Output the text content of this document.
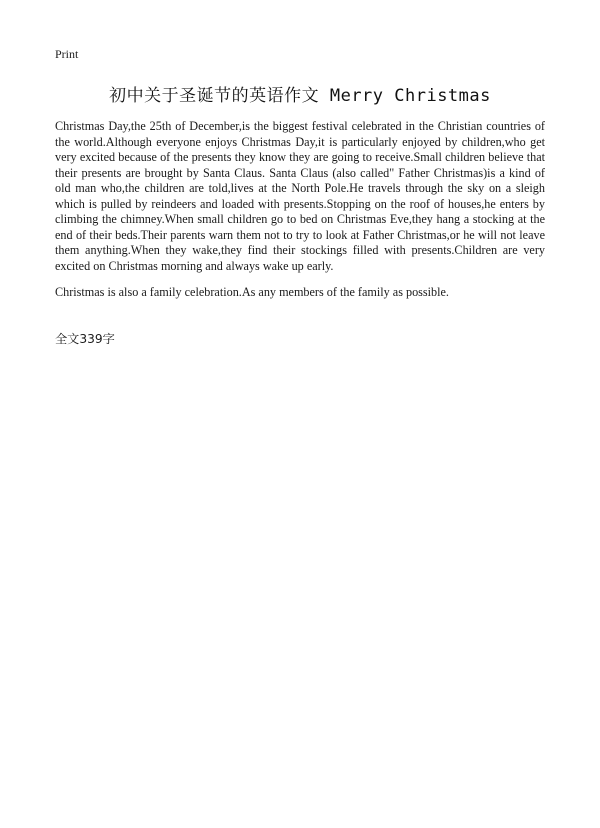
Print
初中关于圣诞节的英语作文 Merry Christmas

Christmas Day,the 25th of December,is the biggest festival celebrated in the Christian countries of the world.Although everyone enjoys Christmas Day,it is particularly enjoyed by children,who get very excited because of the presents they know they are going to receive.Small children believe that their presents are brought by Santa Claus. Santa Claus (also called" Father Christmas)is a kind of old man who,the children are told,lives at the North Pole.He travels through the sky on a sleigh which is pulled by reindeers and loaded with presents.Stopping on the roof of houses,he enters by climbing the chimney.When small children go to bed on Christmas Eve,they hang a stocking at the end of their beds.Their parents warn them not to try to look at Father Christmas,or he will not leave them anything.When they wake,they find their stockings filled with presents.Children are very excited on Christmas morning and always wake up early.

Christmas is also a family celebration.As any members of the family as possible.

全文339字
